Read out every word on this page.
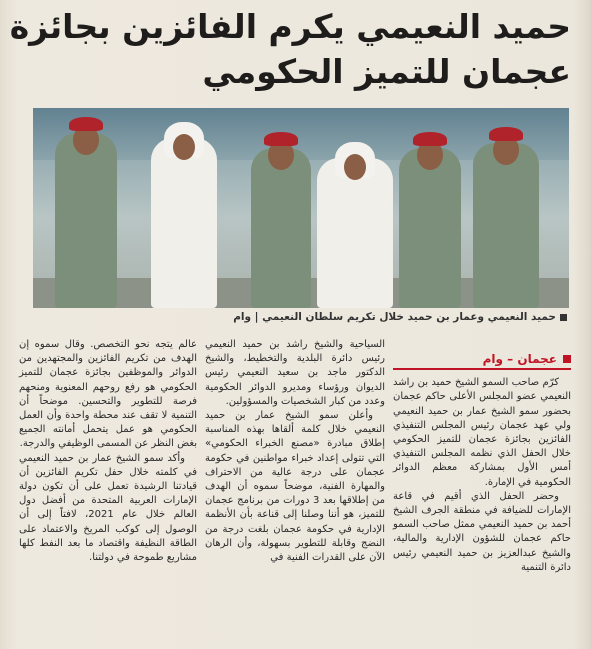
حميد النعيمي يكرم الفائزين بجائزة
عجمان للتميز الحكومي
حميد النعيمي وعمار بن حميد خلال تكريم سلطان النعيمي | وام
عجمان – وام

كرّم صاحب السمو الشيخ حميد بن راشد النعيمي عضو المجلس الأعلى حاكم عجمان بحضور سمو الشيخ عمار بن حميد النعيمي ولي عهد عجمان رئيس المجلس التنفيذي الفائزين بجائزة عجمان للتميز الحكومي خلال الحفل الذي نظمه المجلس التنفيذي أمس الأول بمشاركة معظم الدوائر الحكومية في الإمارة.

وحضر الحفل الذي أقيم في قاعة الإمارات للضيافة في منطقة الجرف الشيخ أحمد بن حميد النعيمي ممثل صاحب السمو حاكم عجمان للشؤون الإدارية والمالية، والشيخ عبدالعزيز بن حميد النعيمي رئيس دائرة التنمية

السياحية والشيخ راشد بن حميد النعيمي رئيس دائرة البلدية والتخطيط، والشيخ الدكتور ماجد بن سعيد النعيمي رئيس الديوان ورؤساء ومديرو الدوائر الحكومية وعدد من كبار الشخصيات والمسؤولين.

وأعلن سمو الشيخ عمار بن حميد النعيمي خلال كلمة ألقاها بهذه المناسبة إطلاق مبادرة «مصنع الخبراء الحكومي» التي تتولى إعداد خبراء مواطنين في حكومة عجمان على درجة عالية من الاحتراف والمهارة الفنية، موضحاً سموه أن الهدف من إطلاقها بعد 3 دورات من برنامج عجمان للتميز، هو أننا وصلنا إلى قناعة بأن الأنظمة الإدارية في حكومة عجمان بلغت درجة من النضج وقابلة للتطوير بسهولة، وأن الرهان الآن على القدرات الفنية في

عالم يتجه نحو التخصص. وقال سموه إن الهدف من تكريم الفائزين والمجتهدين من الدوائر والموظفين بجائزة عجمان للتميز الحكومي هو رفع روحهم المعنوية ومنحهم فرصة للتطوير والتحسين. موضحاً أن التنمية لا تقف عند محطة واحدة وأن العمل الحكومي هو عمل يتحمل أمانته الجميع بغض النظر عن المسمى الوظيفي والدرجة.

وأكد سمو الشيخ عمار بن حميد النعيمي في كلمته خلال حفل تكريم الفائزين أن قيادتنا الرشيدة تعمل على أن تكون دولة الإمارات العربية المتحدة من أفضل دول العالم خلال عام 2021، لافتاً إلى أن الوصول إلى كوكب المريخ والاعتماد على الطاقة النظيفة واقتصاد ما بعد النفط كلها مشاريع طموحة في دولتنا.
